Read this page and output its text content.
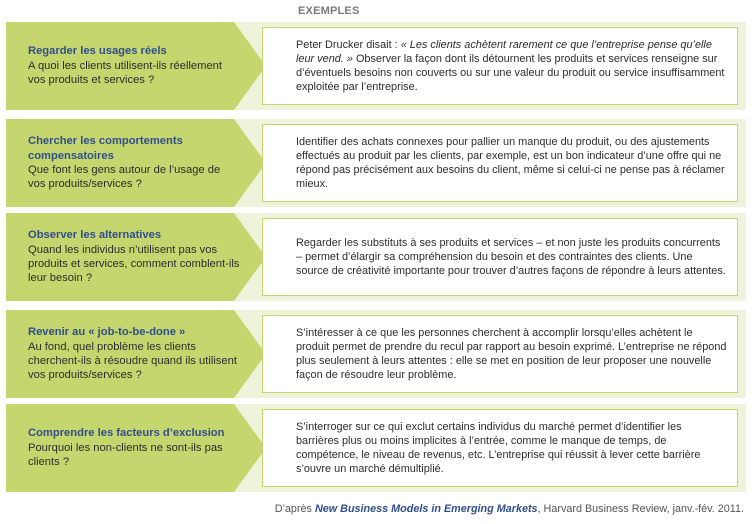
EXEMPLES
Regarder les usages réels
A quoi les clients utilisent-ils réellement vos produits et services ?

Peter Drucker disait : « Les clients achètent rarement ce que l’entreprise pense qu’elle leur vend. » Observer la façon dont ils détournent les produits et services renseigne sur d’éventuels besoins non couverts ou sur une valeur du produit ou service insuffisamment exploitée par l’entreprise.

Chercher les comportements compensatoires
Que font les gens autour de l’usage de vos produits/services ?

Identifier des achats connexes pour pallier un manque du produit, ou des ajustements effectués au produit par les clients, par exemple, est un bon indicateur d’une offre qui ne répond pas précisément aux besoins du client, même si celui-ci ne pense pas à réclamer mieux.

Observer les alternatives
Quand les individus n’utilisent pas vos produits et services, comment comblent-ils leur besoin ?

Regarder les substituts à ses produits et services – et non juste les produits concurrents – permet d’élargir sa compréhension du besoin et des contraintes des clients. Une source de créativité importante pour trouver d’autres façons de répondre à leurs attentes.

Revenir au « job-to-be-done »
Au fond, quel problème les clients cherchent-ils à résoudre quand ils utilisent vos produits/services ?

S’intéresser à ce que les personnes cherchent à accomplir lorsqu’elles achètent le produit permet de prendre du recul par rapport au besoin exprimé. L’entreprise ne répond plus seulement à leurs attentes : elle se met en position de leur proposer une nouvelle façon de résoudre leur problème.

Comprendre les facteurs d’exclusion
Pourquoi les non-clients ne sont-ils pas clients ?

S’interroger sur ce qui exclut certains individus du marché permet d’identifier les barrières plus ou moins implicites à l’entrée, comme le manque de temps, de compétence, le niveau de revenus, etc. L’entreprise qui réussit à lever cette barrière s’ouvre un marché démultiplié.

D’après New Business Models in Emerging Markets, Harvard Business Review, janv.-fév. 2011.
